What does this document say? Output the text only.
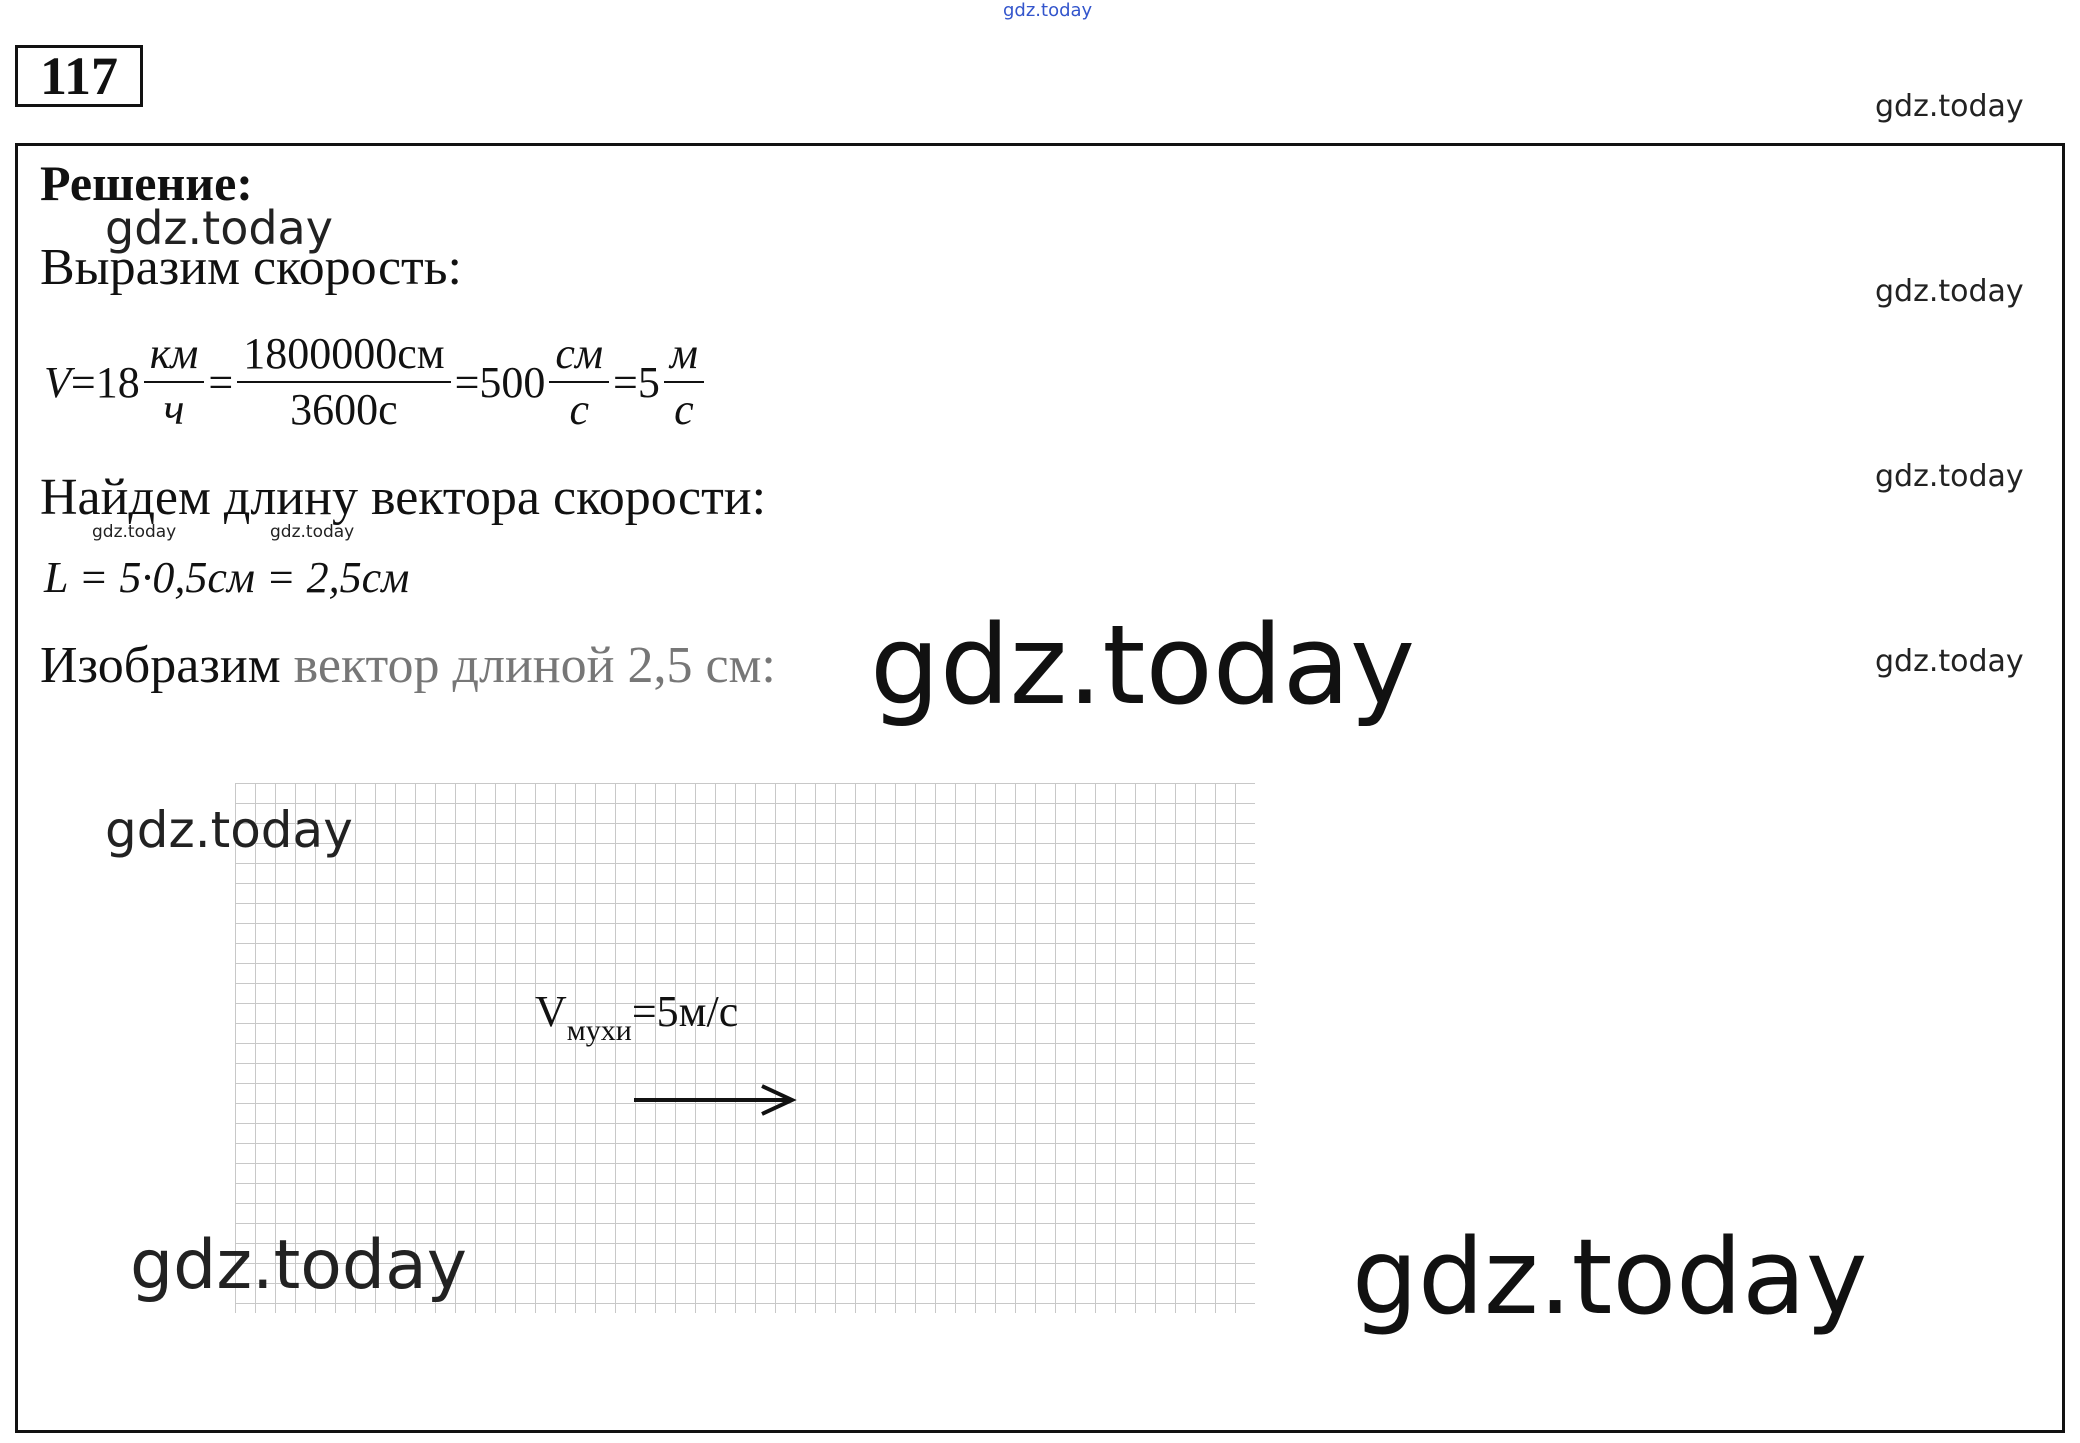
gdz.today
117
gdz.today
gdz.today
gdz.today
gdz.today
Решение:
gdz.today
Выразим скорость:
$V =18 \frac{км}{ч} = \frac{1800000см}{3600с} =500 \frac{см}{с} =5 \frac{м}{с}$
Найдем длину вектора скорости:
gdz.today	gdz.today
L = 5·0,5см = 2,5см
Изобразим вектор длиной 2,5 см: gdz.today
gdz.today
$V_{мухи}=5м/с$
gdz.today	gdz.today
